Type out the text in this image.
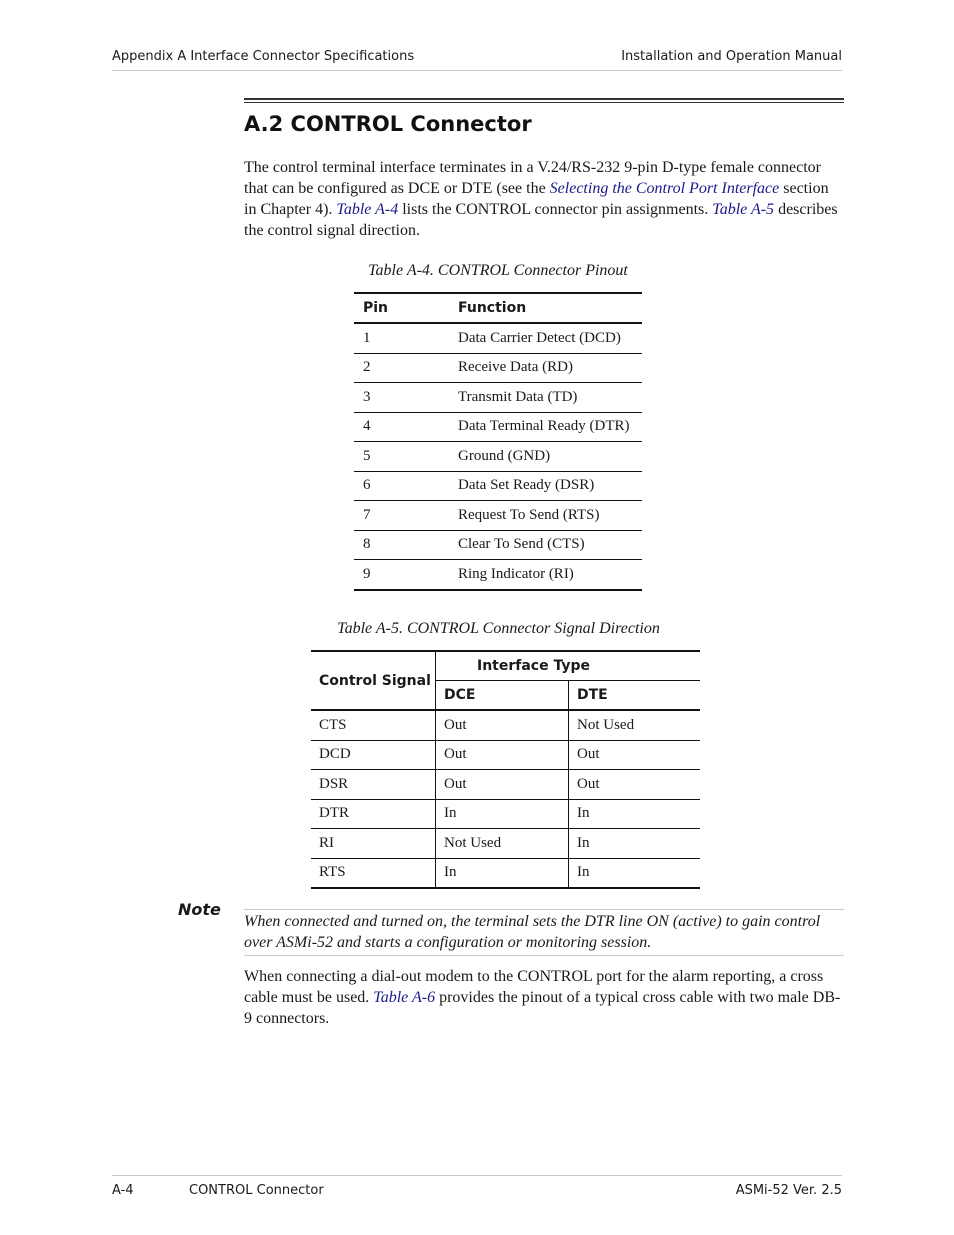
Appendix A Interface Connector Specifications	Installation and Operation Manual
A.2 CONTROL Connector
The control terminal interface terminates in a V.24/RS-232 9-pin D-type female connector that can be configured as DCE or DTE (see the Selecting the Control Port Interface section in Chapter 4). Table A-4 lists the CONTROL connector pin assignments. Table A-5 describes the control signal direction.
Table A-4. CONTROL Connector Pinout
Pin	Function
1	Data Carrier Detect (DCD)
2	Receive Data (RD)
3	Transmit Data (TD)
4	Data Terminal Ready (DTR)
5	Ground (GND)
6	Data Set Ready (DSR)
7	Request To Send (RTS)
8	Clear To Send (CTS)
9	Ring Indicator (RI)
Table A-5. CONTROL Connector Signal Direction
Control Signal	Interface Type	
	DCE	DTE
CTS	Out	Not Used
DCD	Out	Out
DSR	Out	Out
DTR	In	In
RI	Not Used	In
RTS	In	In
Note
When connected and turned on, the terminal sets the DTR line ON (active) to gain control over ASMi-52 and starts a configuration or monitoring session.
When connecting a dial-out modem to the CONTROL port for the alarm reporting, a cross cable must be used. Table A-6 provides the pinout of a typical cross cable with two male DB-9 connectors.
A-4	CONTROL Connector	ASMi-52 Ver. 2.5
